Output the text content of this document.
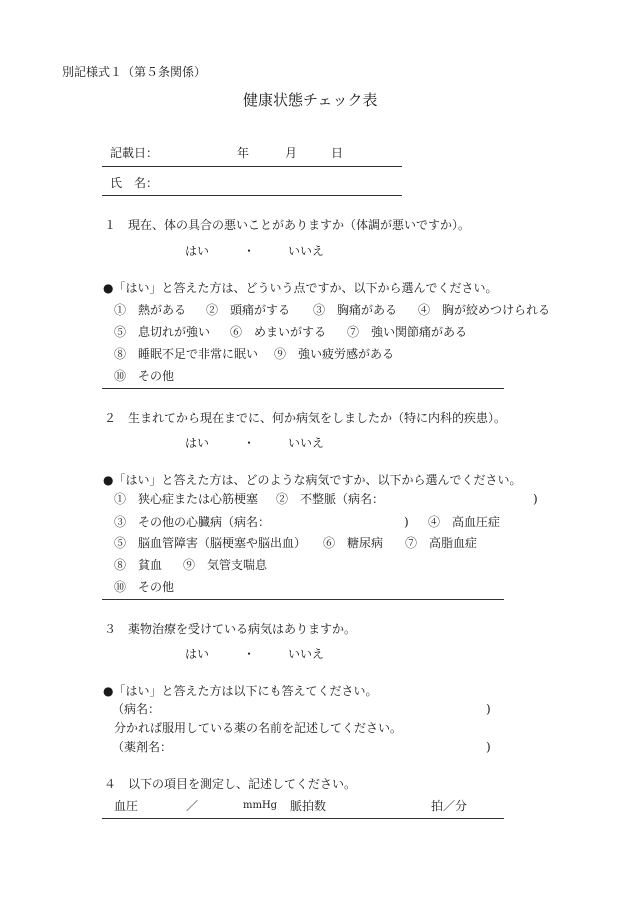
別記様式１（第５条関係）
健康状態チェック表
記載日：	年	月	日
氏　名：
１　現在、体の具合の悪いことがありますか（体調が悪いですか）。
はい	・	いいえ
●「はい」と答えた方は、どういう点ですか、以下から選んでください。
①　熱がある ②　頭痛がする ③　胸痛がある ④　胸が絞めつけられる
⑤　息切れが強い ⑥　めまいがする ⑦　強い関節痛がある
⑧　睡眠不足で非常に眠い ⑨　強い疲労感がある
⑩　その他
２　生まれてから現在までに、何か病気をしましたか（特に内科的疾患）。
はい	・	いいえ
●「はい」と答えた方は、どのような病気ですか、以下から選んでください。
①　狭心症または心筋梗塞 ②　不整脈（病名：	)
③　その他の心臓病（病名：	) ④　高血圧症
⑤　脳血管障害（脳梗塞や脳出血） ⑥　糖尿病 ⑦　高脂血症
⑧　貧血 ⑨　気管支喘息
⑩　その他
３　薬物治療を受けている病気はありますか。
はい	・	いいえ
●「はい」と答えた方は以下にも答えてください。
（病名：	)
分かれば服用している薬の名前を記述してください。
（薬剤名：	)
４　以下の項目を測定し、記述してください。
血圧	／	mmHg 脈拍数	拍／分
